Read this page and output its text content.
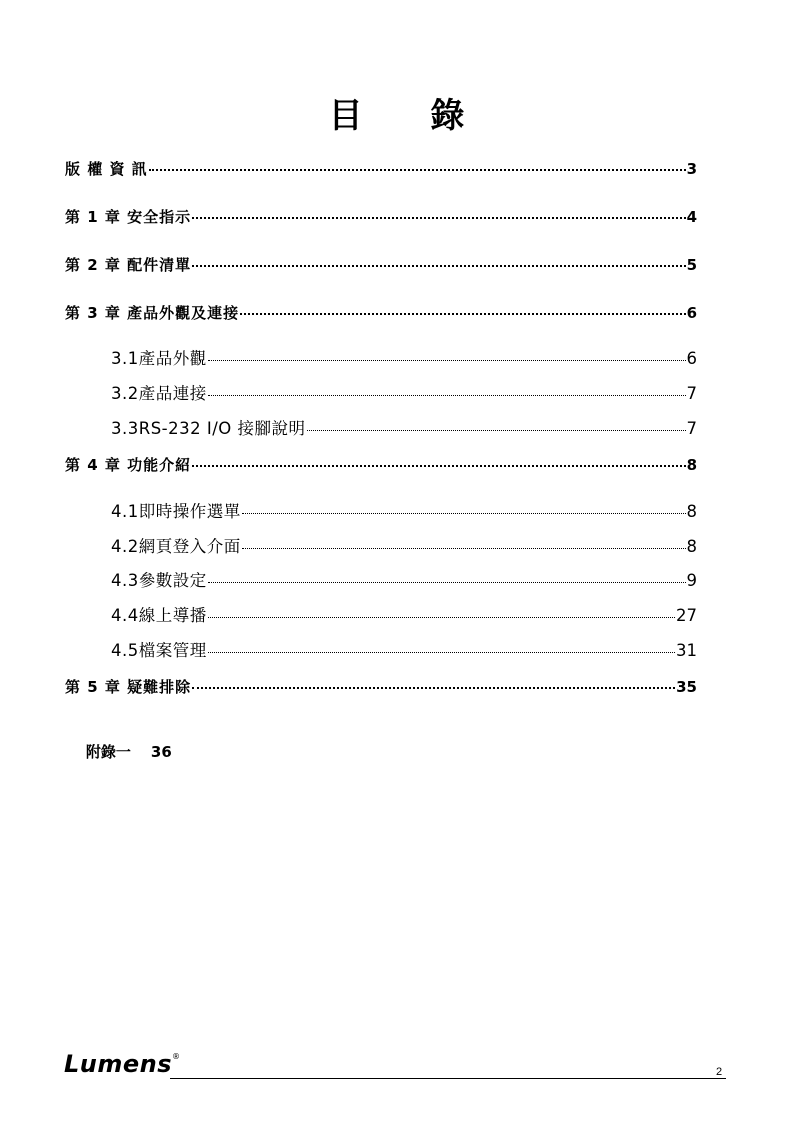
目 錄
版 權 資 訊	3
第 1 章 安全指示	4
第 2 章 配件清單	5
第 3 章 產品外觀及連接	6
3.1產品外觀	6
3.2產品連接	7
3.3RS-232 I/O 接腳說明	7
第 4 章 功能介紹	8
4.1即時操作選單	8
4.2網頁登入介面	8
4.3參數設定	9
4.4線上導播	27
4.5檔案管理	31
第 5 章 疑難排除	35

附錄一 36

Lumens®
2
